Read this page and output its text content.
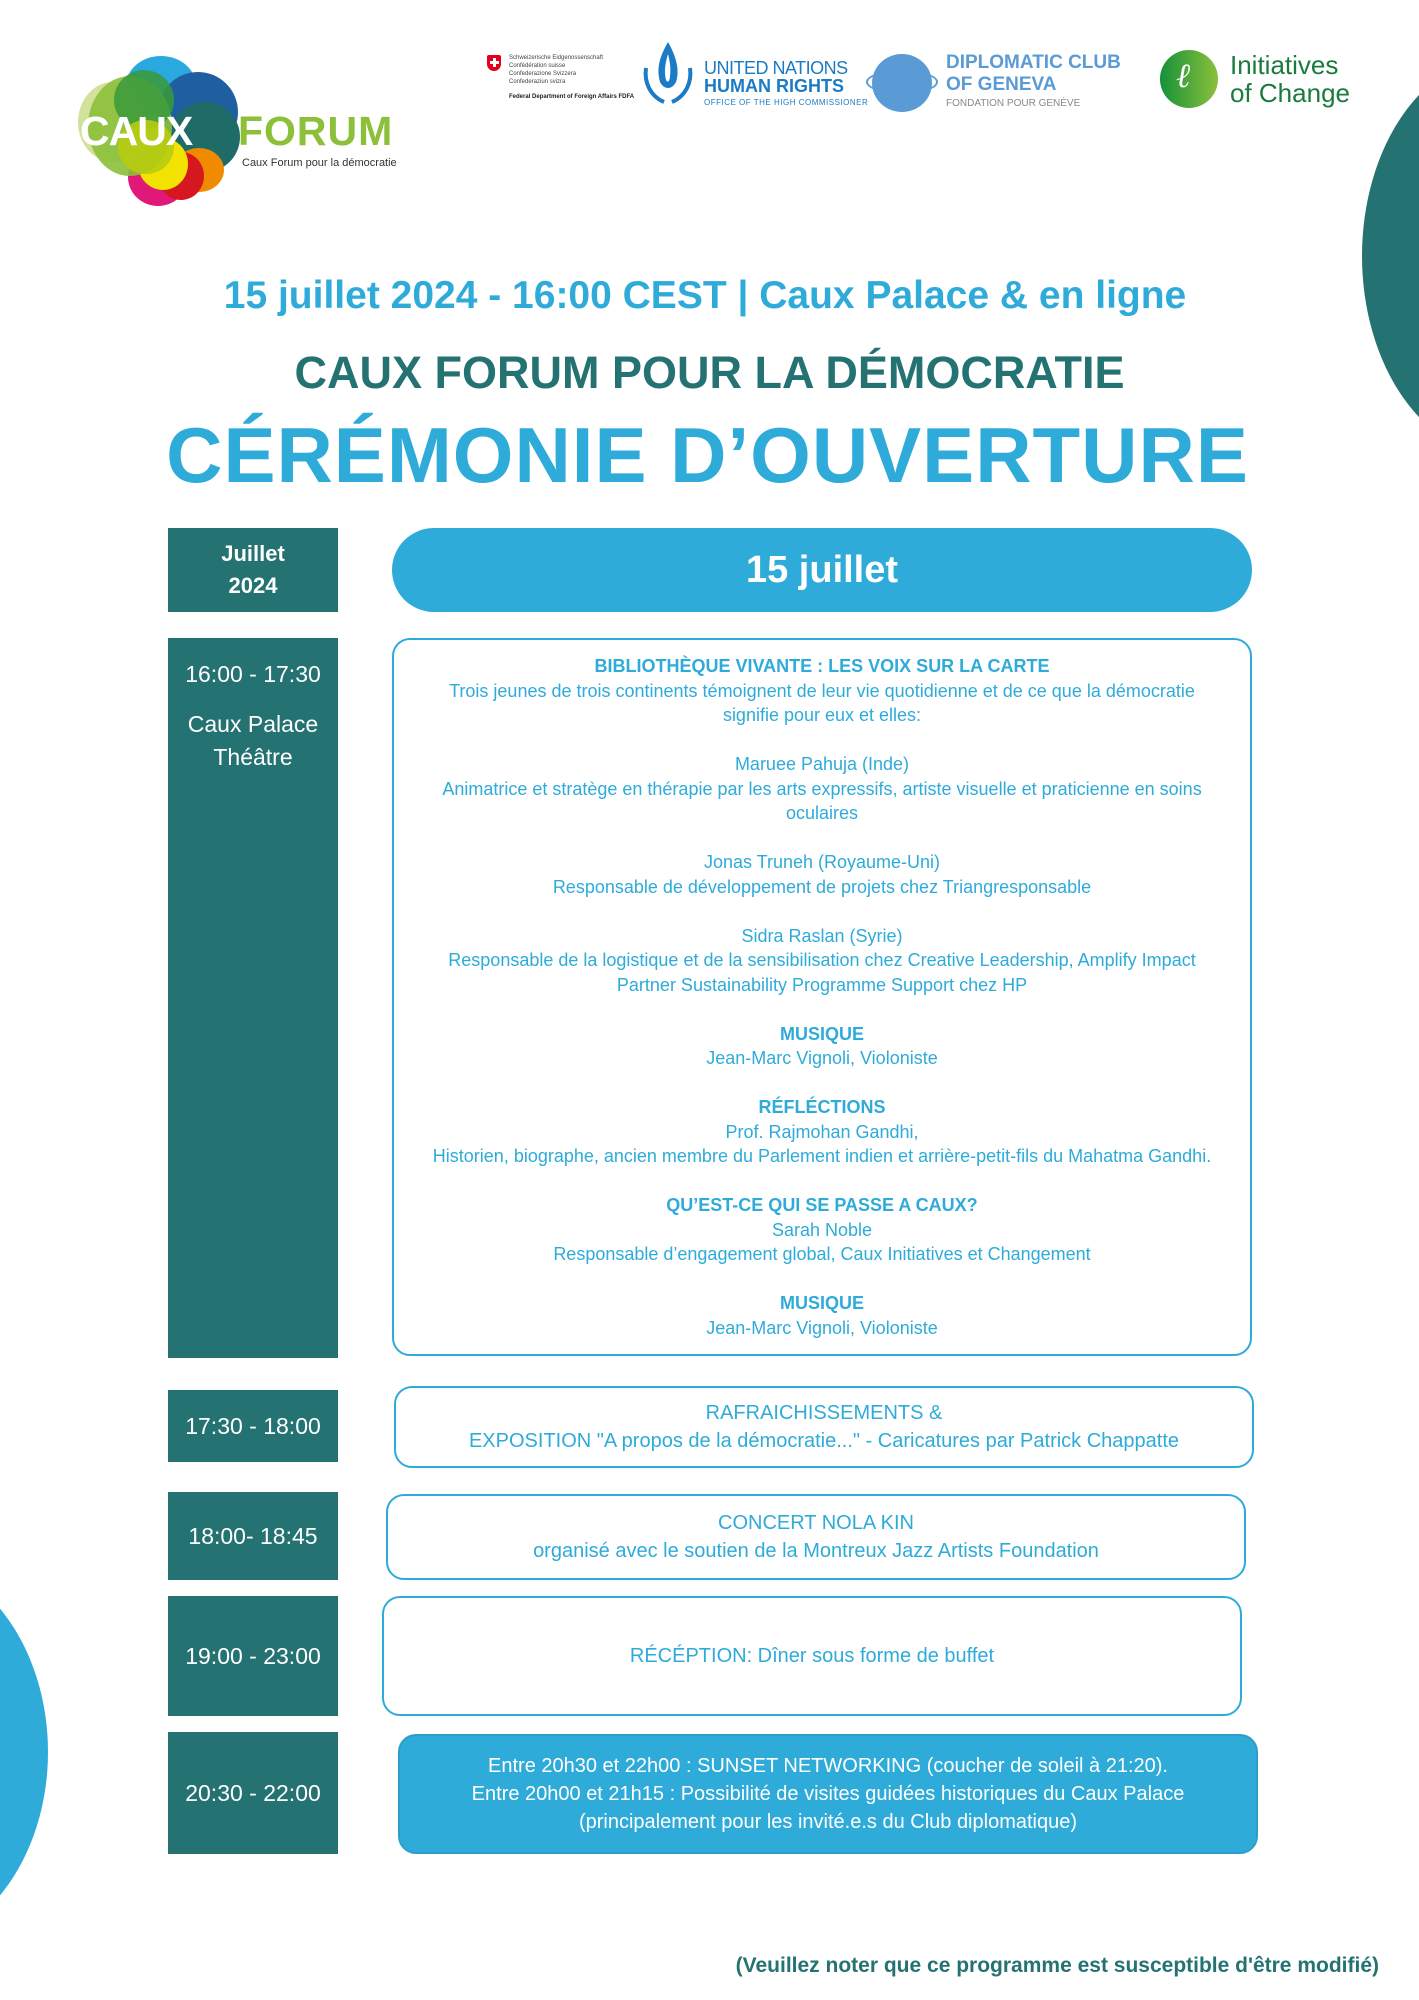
CAUX FORUM
Caux Forum pour la démocratie
Schweizerische Eidgenossenschaft
Confédération suisse
Confederazione Svizzera
Confederaziun svizra
Federal Department of Foreign Affairs FDFA
UNITED NATIONS
HUMAN RIGHTS
OFFICE OF THE HIGH COMMISSIONER
DIPLOMATIC CLUB
OF GENEVA
FONDATION POUR GENÈVE
ℓ Initiatives
of Change
15 juillet 2024 - 16:00 CEST | Caux Palace & en ligne
CAUX FORUM POUR LA DÉMOCRATIE
CÉRÉMONIE D’OUVERTURE
Juillet
2024	15 juillet
16:00 - 17:30
Caux Palace
Théâtre
BIBLIOTHÈQUE VIVANTE : LES VOIX SUR LA CARTE
Trois jeunes de trois continents témoignent de leur vie quotidienne et de ce que la démocratie
signifie pour eux et elles:
Maruee Pahuja (Inde)
Animatrice et stratège en thérapie par les arts expressifs, artiste visuelle et praticienne en soins
oculaires
Jonas Truneh (Royaume-Uni)
Responsable de développement de projets chez Triangresponsable
Sidra Raslan (Syrie)
Responsable de la logistique et de la sensibilisation chez Creative Leadership, Amplify Impact
Partner Sustainability Programme Support chez HP
MUSIQUE
Jean-Marc Vignoli, Violoniste
RÉFLÉCTIONS
Prof. Rajmohan Gandhi,
Historien, biographe, ancien membre du Parlement indien et arrière-petit-fils du Mahatma Gandhi.
QU’EST-CE QUI SE PASSE A CAUX?
Sarah Noble
Responsable d’engagement global, Caux Initiatives et Changement
MUSIQUE
Jean-Marc Vignoli, Violoniste
17:30 - 18:00	RAFRAICHISSEMENTS &
EXPOSITION "A propos de la démocratie..." - Caricatures par Patrick Chappatte
18:00- 18:45	CONCERT NOLA KIN
organisé avec le soutien de la Montreux Jazz Artists Foundation
19:00 - 23:00	RÉCÉPTION: Dîner sous forme de buffet
20:30 - 22:00
Entre 20h30 et 22h00 : SUNSET NETWORKING (coucher de soleil à 21:20).
Entre 20h00 et 21h15 : Possibilité de visites guidées historiques du Caux Palace
(principalement pour les invité.e.s du Club diplomatique)
(Veuillez noter que ce programme est susceptible d'être modifié)
